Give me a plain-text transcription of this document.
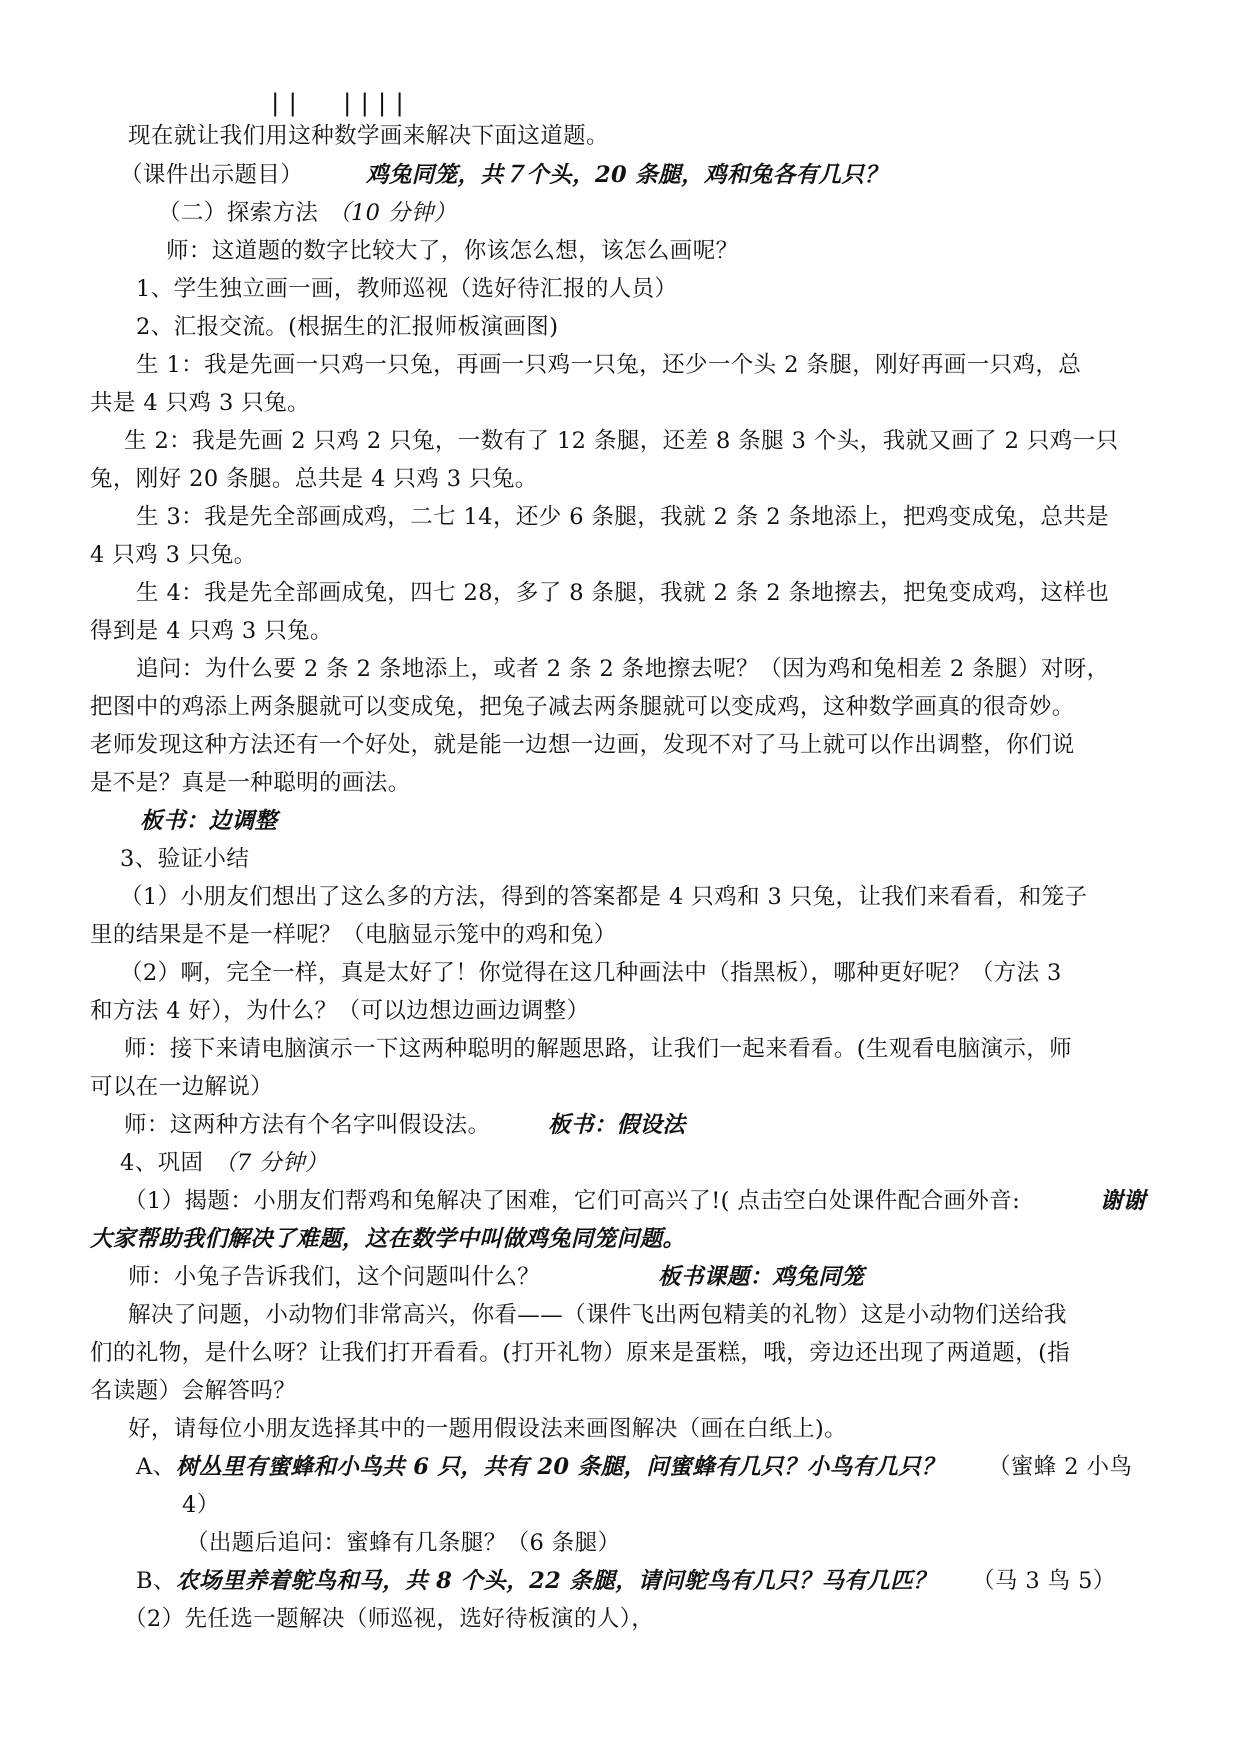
|| ||||
现在就让我们用这种数学画来解决下面这道题。
（课件出示题目）	鸡兔同笼，共７个头，20 条腿，鸡和兔各有几只？
（二）探索方法 （10 分钟）
师：这道题的数字比较大了，你该怎么想，该怎么画呢？
1、学生独立画一画，教师巡视（选好待汇报的人员）
2、汇报交流。(根据生的汇报师板演画图)
生 1：我是先画一只鸡一只兔，再画一只鸡一只兔，还少一个头 2 条腿，刚好再画一只鸡，总
共是 4 只鸡 3 只兔。
生 2：我是先画 2 只鸡 2 只兔，一数有了 12 条腿，还差 8 条腿 3 个头，我就又画了 2 只鸡一只
兔，刚好 20 条腿。总共是 4 只鸡 3 只兔。
生 3：我是先全部画成鸡，二七 14，还少 6 条腿，我就 2 条 2 条地添上，把鸡变成兔，总共是
4 只鸡 3 只兔。
生 4：我是先全部画成兔，四七 28，多了 8 条腿，我就 2 条 2 条地擦去，把兔变成鸡，这样也
得到是 4 只鸡 3 只兔。
追问：为什么要 2 条 2 条地添上，或者 2 条 2 条地擦去呢？（因为鸡和兔相差 2 条腿）对呀，
把图中的鸡添上两条腿就可以变成兔，把兔子减去两条腿就可以变成鸡，这种数学画真的很奇妙。
老师发现这种方法还有一个好处，就是能一边想一边画，发现不对了马上就可以作出调整，你们说
是不是？真是一种聪明的画法。
板书：边调整
3、验证小结
（1）小朋友们想出了这么多的方法，得到的答案都是 4 只鸡和 3 只兔，让我们来看看，和笼子
里的结果是不是一样呢？（电脑显示笼中的鸡和兔）
（2）啊，完全一样，真是太好了！你觉得在这几种画法中（指黑板），哪种更好呢？（方法 3
和方法 4 好），为什么？（可以边想边画边调整）
师：接下来请电脑演示一下这两种聪明的解题思路，让我们一起来看看。(生观看电脑演示，师
可以在一边解说）
师：这两种方法有个名字叫假设法。	板书：假设法
4、巩固 （7 分钟）
（1）揭题：小朋友们帮鸡和兔解决了困难，它们可高兴了!( 点击空白处课件配合画外音:	谢谢
大家帮助我们解决了难题，这在数学中叫做鸡兔同笼问题。
师：小兔子告诉我们，这个问题叫什么？	板书课题：鸡兔同笼
解决了问题，小动物们非常高兴，你看——（课件飞出两包精美的礼物）这是小动物们送给我
们的礼物，是什么呀？让我们打开看看。(打开礼物）原来是蛋糕，哦，旁边还出现了两道题，(指
名读题）会解答吗？
好，请每位小朋友选择其中的一题用假设法来画图解决（画在白纸上)。
A、 树丛里有蜜蜂和小鸟共 6 只，共有 20 条腿，问蜜蜂有几只？小鸟有几只？ （蜜蜂 2 小鸟
4）
（出题后追问：蜜蜂有几条腿？（6 条腿）
B、 农场里养着鸵鸟和马，共 8 个头，22 条腿，请问鸵鸟有几只？马有几匹？ （马 3 鸟 5）
（2）先任选一题解决（师巡视，选好待板演的人），
